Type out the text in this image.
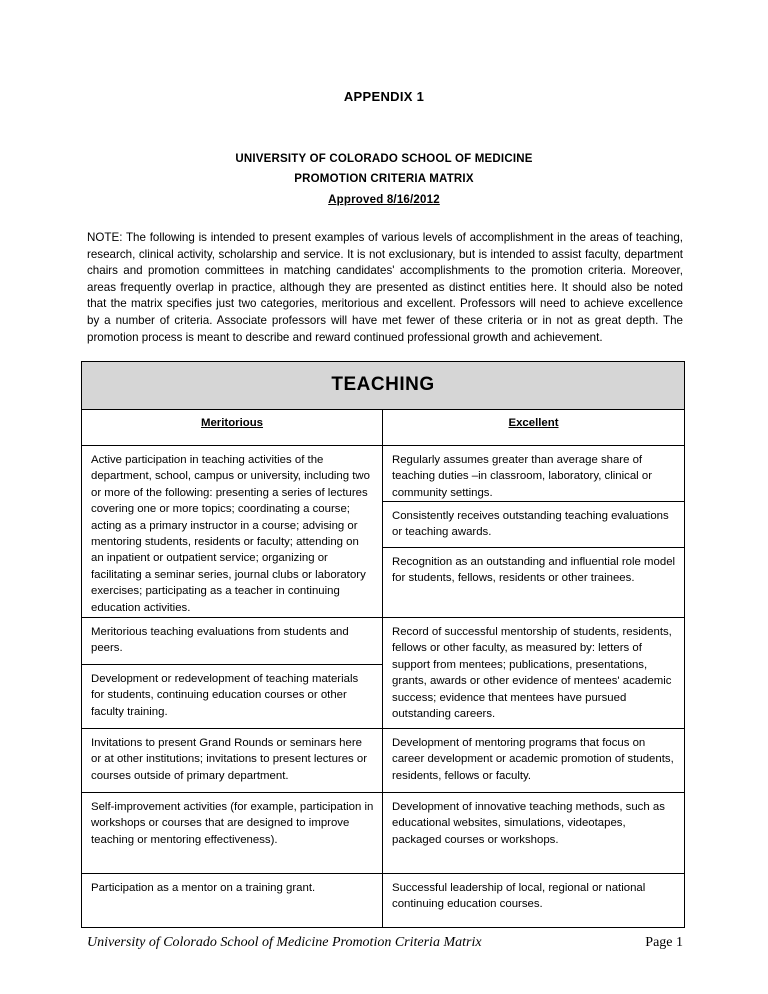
APPENDIX 1
UNIVERSITY OF COLORADO SCHOOL OF MEDICINE
PROMOTION CRITERIA MATRIX
Approved 8/16/2012
NOTE: The following is intended to present examples of various levels of accomplishment in the areas of teaching, research, clinical activity, scholarship and service. It is not exclusionary, but is intended to assist faculty, department chairs and promotion committees in matching candidates' accomplishments to the promotion criteria. Moreover, areas frequently overlap in practice, although they are presented as distinct entities here. It should also be noted that the matrix specifies just two categories, meritorious and excellent. Professors will need to achieve excellence by a number of criteria. Associate professors will have met fewer of these criteria or in not as great depth. The promotion process is meant to describe and reward continued professional growth and achievement.
TEACHING
Meritorious	Excellent
Active participation in teaching activities of the department, school, campus or university, including two or more of the following: presenting a series of lectures covering one or more topics; coordinating a course; acting as a primary instructor in a course; advising or mentoring students, residents or faculty; attending on an inpatient or outpatient service; organizing or facilitating a seminar series, journal clubs or laboratory exercises; participating as a teacher in continuing education activities.
Meritorious teaching evaluations from students and peers.
Development or redevelopment of teaching materials for students, continuing education courses or other faculty training.
Invitations to present Grand Rounds or seminars here or at other institutions; invitations to present lectures or courses outside of primary department.
Self-improvement activities (for example, participation in workshops or courses that are designed to improve teaching or mentoring effectiveness).
Participation as a mentor on a training grant.
Regularly assumes greater than average share of teaching duties –in classroom, laboratory, clinical or community settings.
Consistently receives outstanding teaching evaluations or teaching awards.
Recognition as an outstanding and influential role model for students, fellows, residents or other trainees.
Record of successful mentorship of students, residents, fellows or other faculty, as measured by: letters of support from mentees; publications, presentations, grants, awards or other evidence of mentees' academic success; evidence that mentees have pursued outstanding careers.
Development of mentoring programs that focus on career development or academic promotion of students, residents, fellows or faculty.
Development of innovative teaching methods, such as educational websites, simulations, videotapes, packaged courses or workshops.
Successful leadership of local, regional or national continuing education courses.
University of Colorado School of Medicine Promotion Criteria Matrix	Page 1
